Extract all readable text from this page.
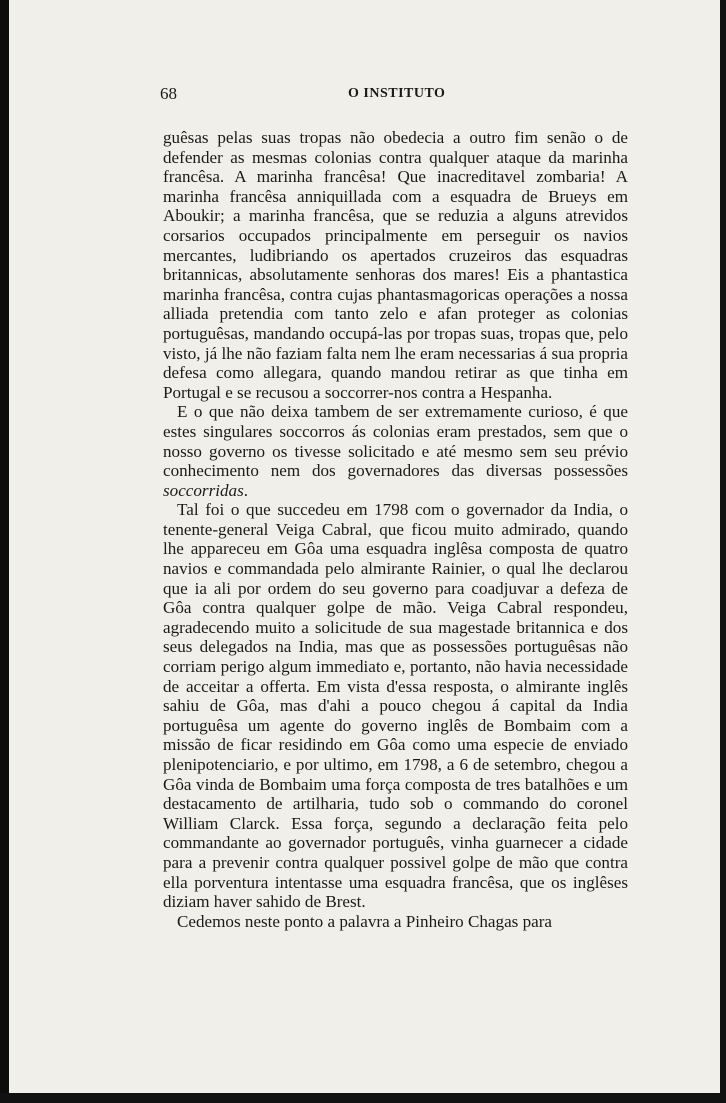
68	O INSTITUTO

guêsas pelas suas tropas não obedecia a outro fim senão o de defender as mesmas colonias contra qualquer ataque da marinha francêsa. A marinha francêsa! Que inacreditavel zombaria! A marinha francêsa anniquillada com a esquadra de Brueys em Aboukir; a marinha francêsa, que se reduzia a alguns atrevidos corsarios occupados principalmente em perseguir os navios mercantes, ludibriando os apertados cruzeiros das esquadras britannicas, absolutamente senhoras dos mares! Eis a phantastica marinha francêsa, contra cujas phantasmagoricas operações a nossa alliada pretendia com tanto zelo e afan proteger as colonias portuguêsas, mandando occupá-las por tropas suas, tropas que, pelo visto, já lhe não faziam falta nem lhe eram necessarias á sua propria defesa como allegara, quando mandou retirar as que tinha em Portugal e se recusou a soccorrer-nos contra a Hespanha.

E o que não deixa tambem de ser extremamente curioso, é que estes singulares soccorros ás colonias eram prestados, sem que o nosso governo os tivesse solicitado e até mesmo sem seu prévio conhecimento nem dos governadores das diversas possessões soccorridas.

Tal foi o que succedeu em 1798 com o governador da India, o tenente-general Veiga Cabral, que ficou muito admirado, quando lhe appareceu em Gôa uma esquadra inglêsa composta de quatro navios e commandada pelo almirante Rainier, o qual lhe declarou que ia ali por ordem do seu governo para coadjuvar a defeza de Gôa contra qualquer golpe de mão. Veiga Cabral respondeu, agradecendo muito a solicitude de sua magestade britannica e dos seus delegados na India, mas que as possessões portuguêsas não corriam perigo algum immediato e, portanto, não havia necessidade de acceitar a offerta. Em vista d'essa resposta, o almirante inglês sahiu de Gôa, mas d'ahi a pouco chegou á capital da India portuguêsa um agente do governo inglês de Bombaim com a missão de ficar residindo em Gôa como uma especie de enviado plenipotenciario, e por ultimo, em 1798, a 6 de setembro, chegou a Gôa vinda de Bombaim uma força composta de tres batalhões e um destacamento de artilharia, tudo sob o commando do coronel William Clarck. Essa força, segundo a declaração feita pelo commandante ao governador português, vinha guarnecer a cidade para a prevenir contra qualquer possivel golpe de mão que contra ella porventura intentasse uma esquadra francêsa, que os inglêses diziam haver sahido de Brest.

Cedemos neste ponto a palavra a Pinheiro Chagas para
